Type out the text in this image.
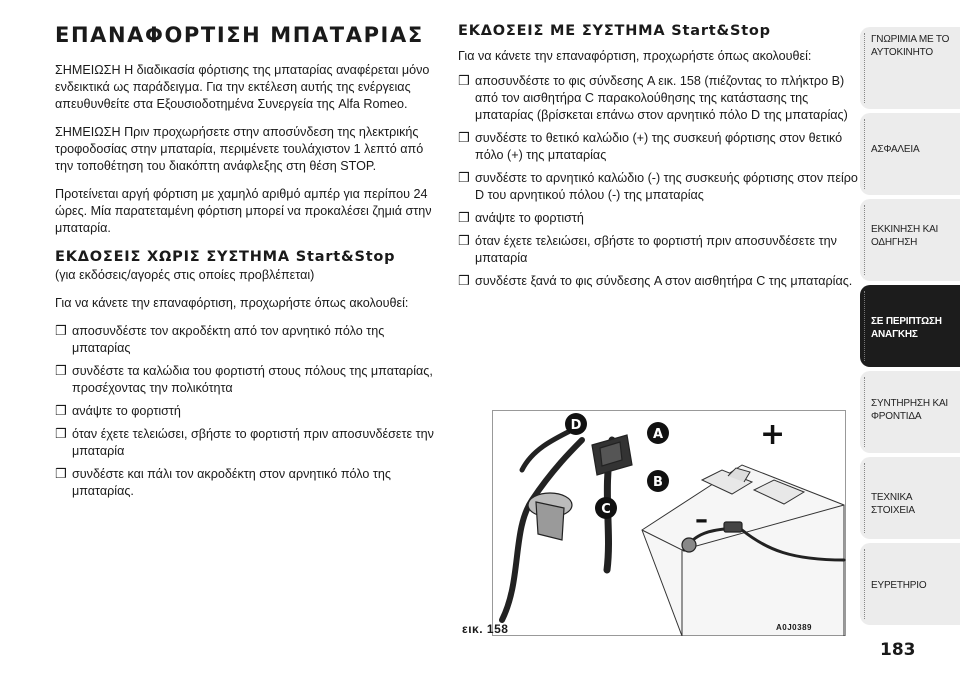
ΕΠΑΝΑΦΟΡΤΙΣΗ ΜΠΑΤΑΡΙΑΣ

ΣΗΜΕΙΩΣΗ Η διαδικασία φόρτισης της μπαταρίας αναφέρεται μόνο ενδεικτικά ως παράδειγμα. Για την εκτέλεση αυτής της ενέργειας απευθυνθείτε στα Εξουσιοδοτημένα Συνεργεία της Alfa Romeo.

ΣΗΜΕΙΩΣΗ Πριν προχωρήσετε στην αποσύνδεση της ηλεκτρικής τροφοδοσίας στην μπαταρία, περιμένετε τουλάχιστον 1 λεπτό από την τοποθέτηση του διακόπτη ανάφλεξης στη θέση STOP.

Προτείνεται αργή φόρτιση με χαμηλό αριθμό αμπέρ για περίπου 24 ώρες. Μία παρατεταμένη φόρτιση μπορεί να προκαλέσει ζημιά στην μπαταρία.

ΕΚΔΟΣΕΙΣ ΧΩΡΙΣ ΣΥΣΤΗΜΑ Start&Stop

(για εκδόσεις/αγορές στις οποίες προβλέπεται)

Για να κάνετε την επαναφόρτιση, προχωρήστε όπως ακολουθεί:

❒ αποσυνδέστε τον ακροδέκτη από τον αρνητικό πόλο της μπαταρίας
❒ συνδέστε τα καλώδια του φορτιστή στους πόλους της μπαταρίας, προσέχοντας την πολικότητα
❒ ανάψτε το φορτιστή
❒ όταν έχετε τελειώσει, σβήστε το φορτιστή πριν αποσυνδέσετε την μπαταρία
❒ συνδέστε και πάλι τον ακροδέκτη στον αρνητικό πόλο της μπαταρίας.
ΕΚΔΟΣΕΙΣ ΜΕ ΣΥΣΤΗΜΑ Start&Stop

Για να κάνετε την επαναφόρτιση, προχωρήστε όπως ακολουθεί:

❒ αποσυνδέστε το φις σύνδεσης A εικ. 158 (πιέζοντας το πλήκτρο B) από τον αισθητήρα C παρακολούθησης της κατάστασης της μπαταρίας (βρίσκεται επάνω στον αρνητικό πόλο D της μπαταρίας)
❒ συνδέστε το θετικό καλώδιο (+) της συσκευή φόρτισης στον θετικό πόλο (+) της μπαταρίας
❒ συνδέστε το αρνητικό καλώδιο (-) της συσκευής φόρτισης στον πείρο D του αρνητικού πόλου (-) της μπαταρίας
❒ ανάψτε το φορτιστή
❒ όταν έχετε τελειώσει, σβήστε το φορτιστή πριν αποσυνδέσετε την μπαταρία
❒ συνδέστε ξανά το φις σύνδεσης A στον αισθητήρα C της μπαταρίας.
+
–
D
A
B
C
εικ. 158	A0J0389
ΓΝΩΡΙΜΙΑ ΜΕ ΤΟ
ΑΥΤΟΚΙΝΗΤΟ
ΑΣΦΑΛΕΙΑ
ΕΚΚΙΝΗΣΗ ΚΑΙ
ΟΔΗΓΗΣΗ
ΣΕ ΠΕΡΙΠΤΩΣΗ
ΑΝΑΓΚΗΣ
ΣΥΝΤΗΡΗΣΗ ΚΑΙ
ΦΡΟΝΤΙΔΑ
ΤΕΧΝΙΚΑ ΣΤΟΙΧΕΙΑ
ΕΥΡΕΤΗΡΙΟ
183
